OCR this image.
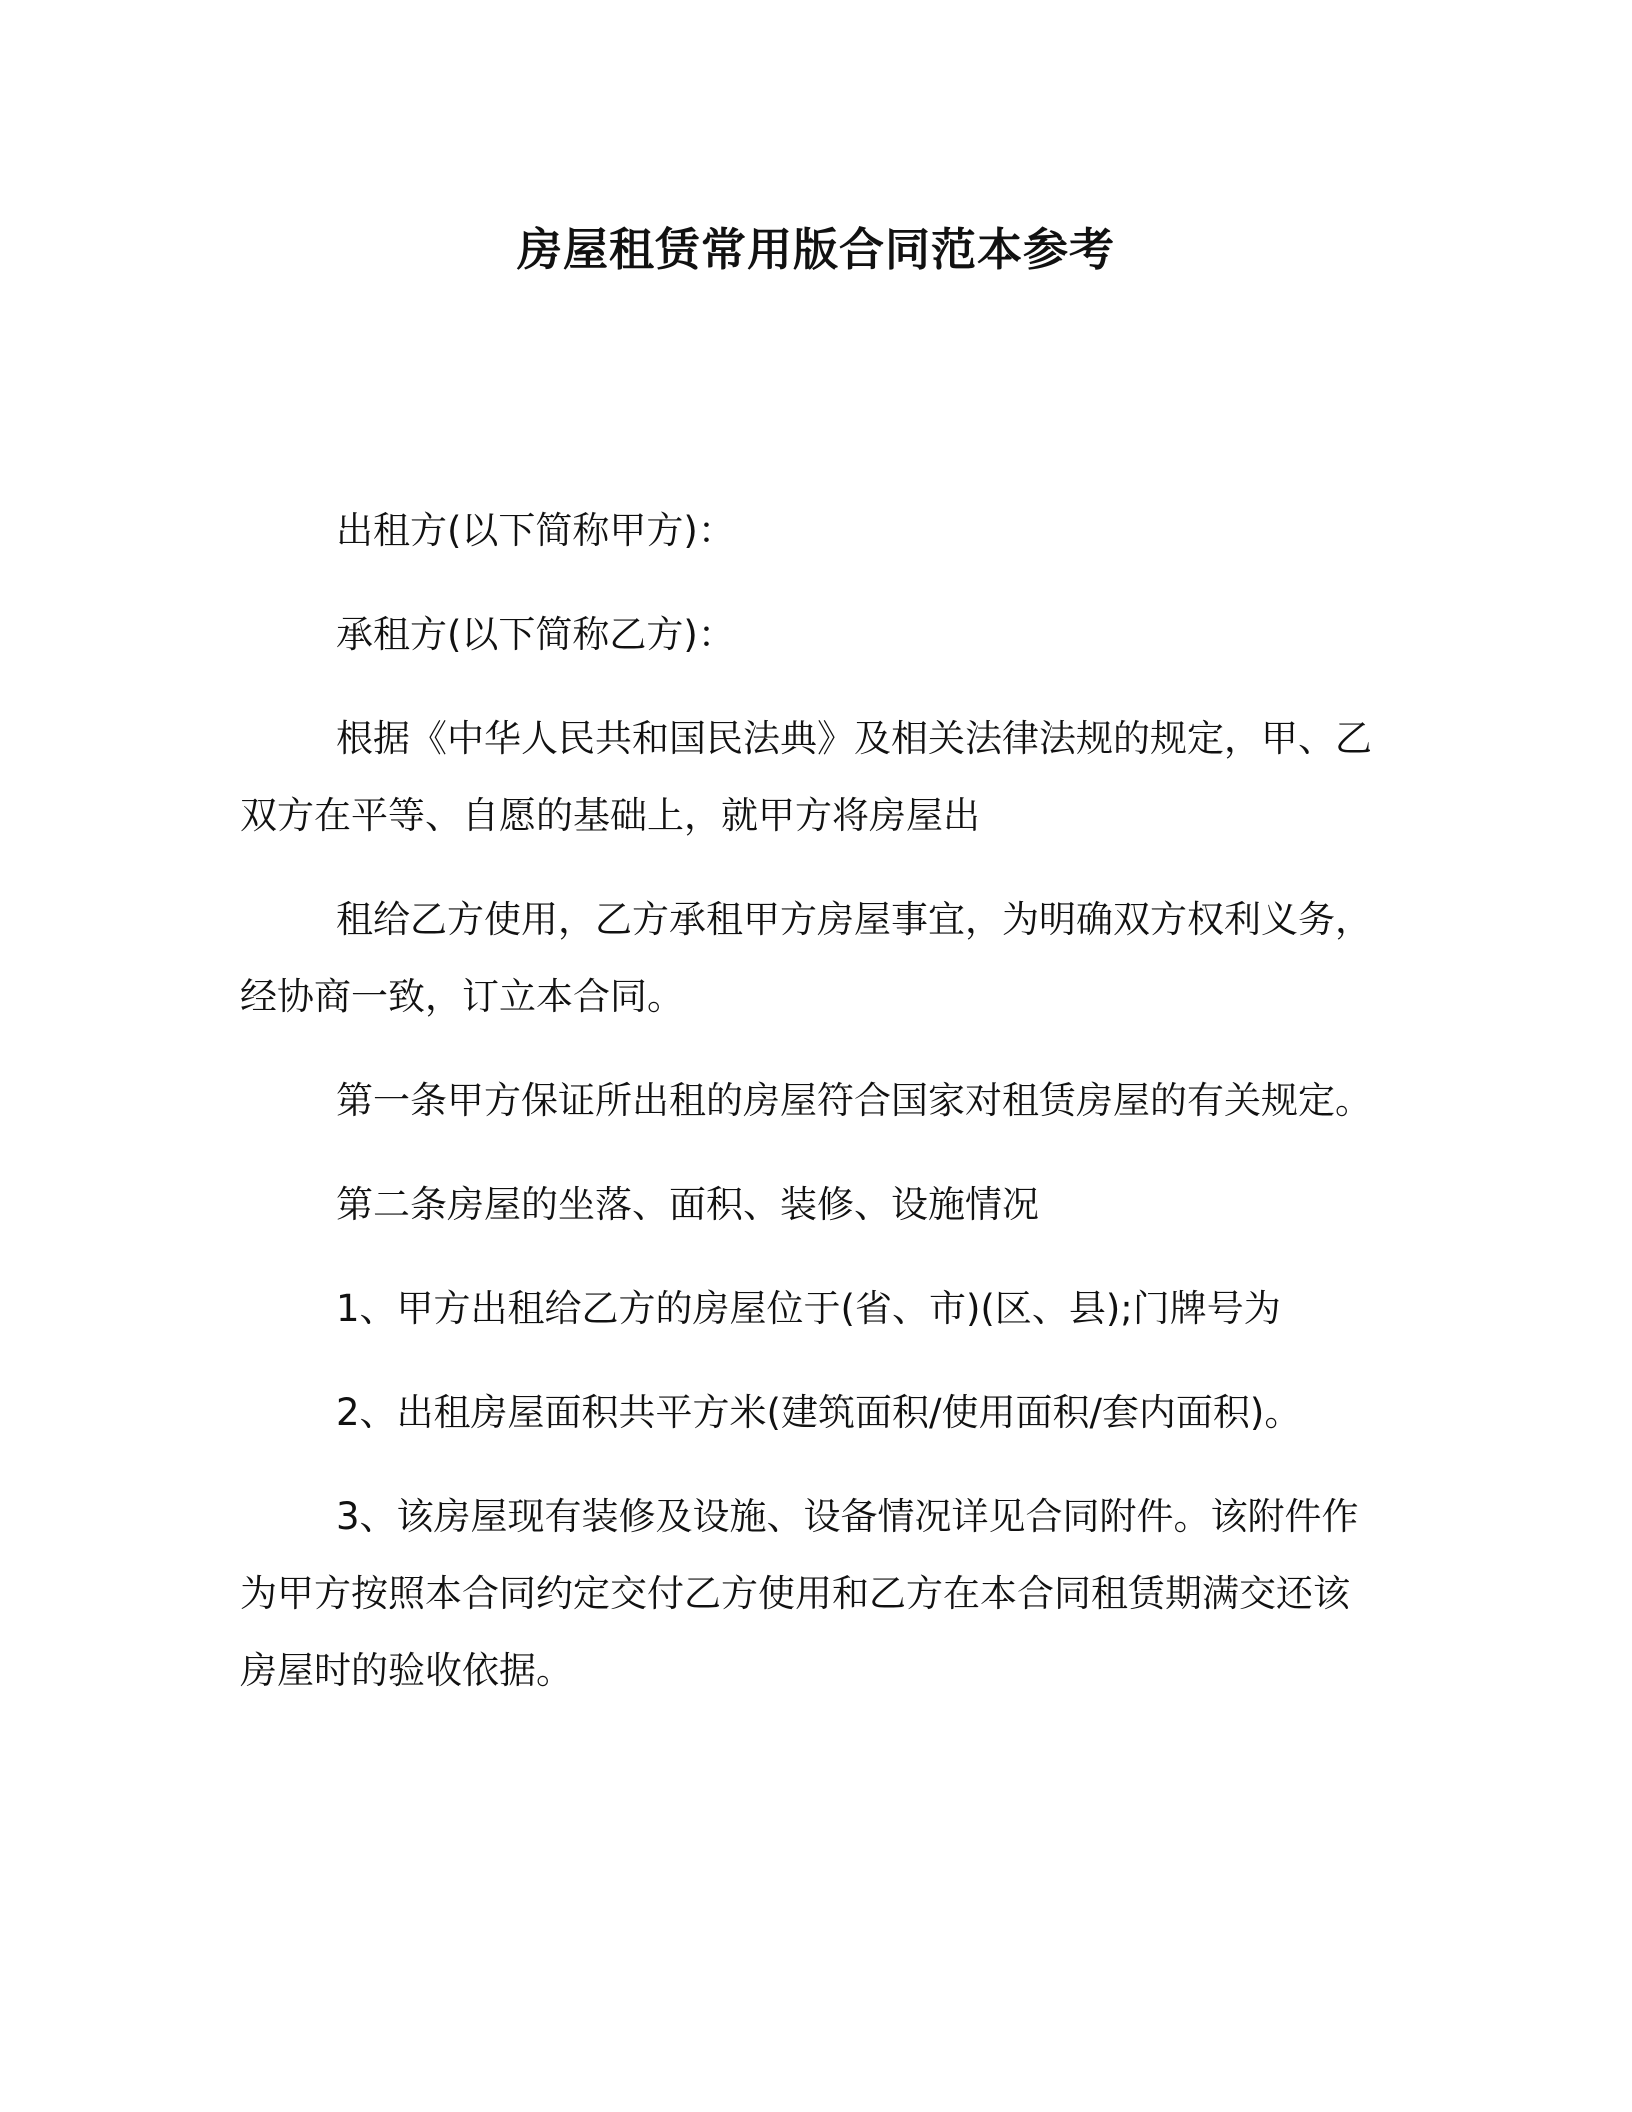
房屋租赁常用版合同范本参考

出租方(以下简称甲方)：

承租方(以下简称乙方)：

根据《中华人民共和国民法典》及相关法律法规的规定，甲、乙
双方在平等、自愿的基础上，就甲方将房屋出

租给乙方使用，乙方承租甲方房屋事宜，为明确双方权利义务，
经协商一致，订立本合同。

第一条甲方保证所出租的房屋符合国家对租赁房屋的有关规定。

第二条房屋的坐落、面积、装修、设施情况

1、甲方出租给乙方的房屋位于(省、市)(区、县);门牌号为

2、出租房屋面积共平方米(建筑面积/使用面积/套内面积)。

3、该房屋现有装修及设施、设备情况详见合同附件。该附件作
为甲方按照本合同约定交付乙方使用和乙方在本合同租赁期满交还该
房屋时的验收依据。
